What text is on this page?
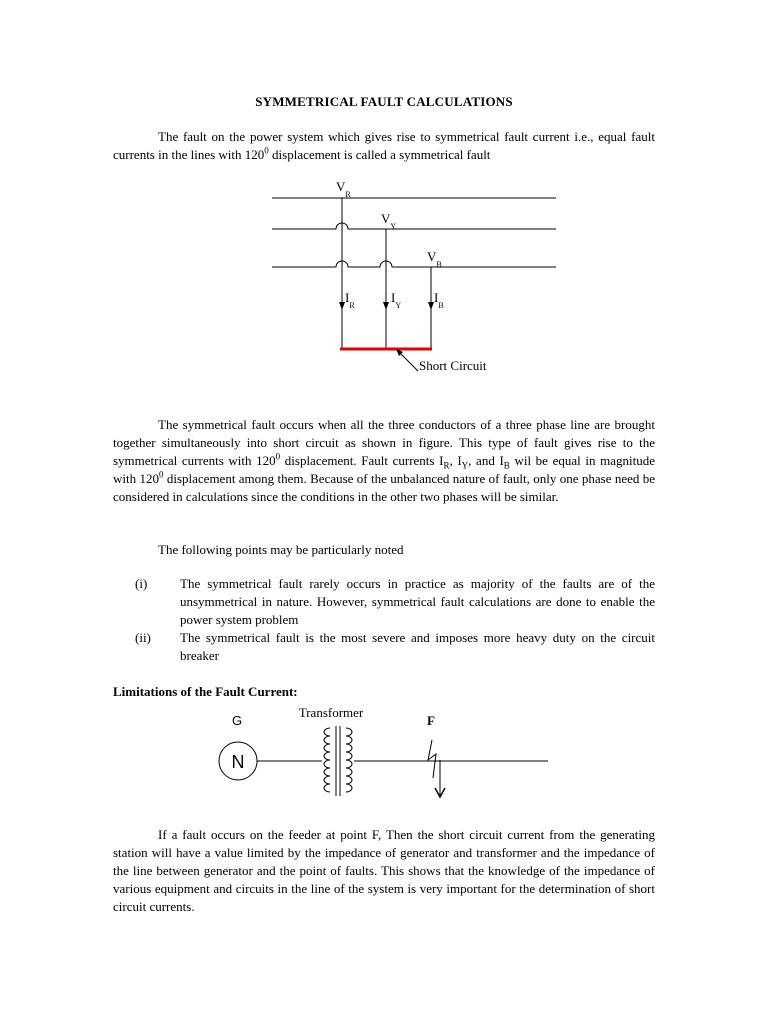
SYMMETRICAL FAULT CALCULATIONS

The fault on the power system which gives rise to symmetrical fault current i.e., equal fault currents in the lines with $120^0$ displacement is called a symmetrical fault

$V_R$
$V_Y$
$V_B$
$I_R$
$I_Y$
$I_B$
Short Circuit
N
G
Transformer
F

The symmetrical fault occurs when all the three conductors of a three phase line are brought together simultaneously into short circuit as shown in figure. This type of fault gives rise to the symmetrical currents with $120^0$ displacement. Fault currents $I_R$, $I_Y$, and $I_B$ wil be equal in magnitude with $120^0$ displacement among them. Because of the unbalanced nature of fault, only one phase need be considered in calculations since the conditions in the other two phases will be similar.

The following points may be particularly noted

(i)	The symmetrical fault rarely occurs in practice as majority of the faults are of the unsymmetrical in nature. However, symmetrical fault calculations are done to enable the power system problem
(ii) The symmetrical fault is the most severe and imposes more heavy duty on the circuit breaker
Limitations of the Fault Current:

If a fault occurs on the feeder at point F, Then the short circuit current from the generating station will have a value limited by the impedance of generator and transformer and the impedance of the line between generator and the point of faults. This shows that the knowledge of the impedance of various equipment and circuits in the line of the system is very important for the determination of short circuit currents.
